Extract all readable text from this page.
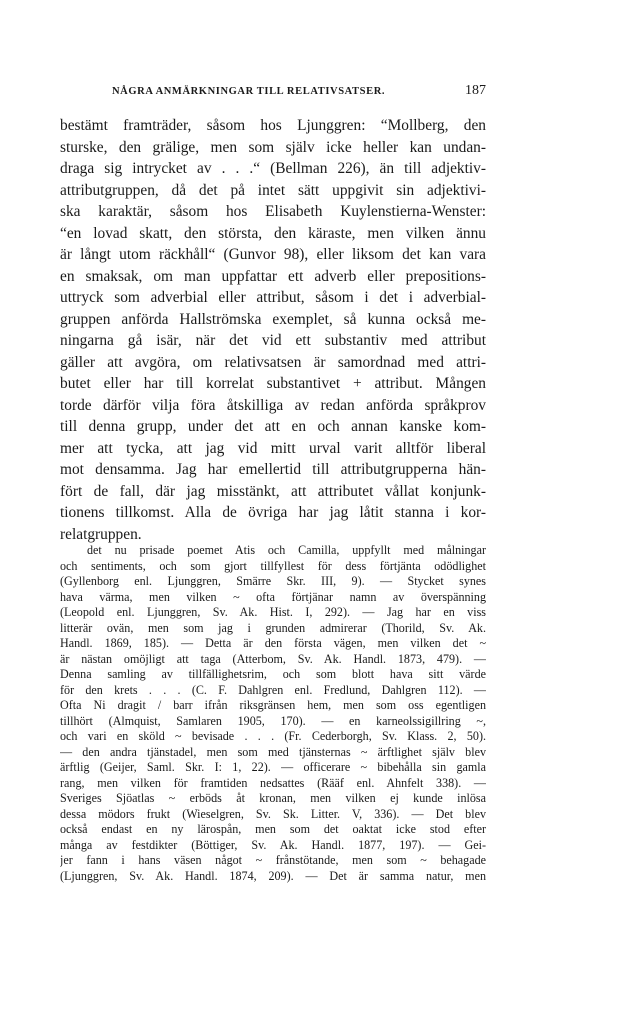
NÅGRA ANMÄRKNINGAR TILL RELATIVSATSER.	187
bestämt framträder, såsom hos Ljunggren: “Mollberg, den
sturske, den grälige, men som själv icke heller kan undan-
draga sig intrycket av . . .“ (Bellman 226), än till adjektiv-
attributgruppen, då det på intet sätt uppgivit sin adjektivi-
ska karaktär, såsom hos Elisabeth Kuylenstierna-Wenster:
“en lovad skatt, den största, den käraste, men vilken ännu
är långt utom räckhåll“ (Gunvor 98), eller liksom det kan vara
en smaksak, om man uppfattar ett adverb eller prepositions-
uttryck som adverbial eller attribut, såsom i det i adverbial-
gruppen anförda Hallströmska exemplet, så kunna också me-
ningarna gå isär, när det vid ett substantiv med attribut
gäller att avgöra, om relativsatsen är samordnad med attri-
butet eller har till korrelat substantivet + attribut. Mången
torde därför vilja föra åtskilliga av redan anförda språkprov
till denna grupp, under det att en och annan kanske kom-
mer att tycka, att jag vid mitt urval varit alltför liberal
mot densamma. Jag har emellertid till attributgrupperna hän-
fört de fall, där jag misstänkt, att attributet vållat konjunk-
tionens tillkomst. Alla de övriga har jag låtit stanna i kor-
relatgruppen.
det nu prisade poemet Atis och Camilla, uppfyllt med målningar
och sentiments, och som gjort tillfyllest för dess förtjänta odödlighet
(Gyllenborg enl. Ljunggren, Smärre Skr. III, 9). — Stycket synes
hava värma, men vilken ~ ofta förtjänar namn av överspänning
(Leopold enl. Ljunggren, Sv. Ak. Hist. I, 292). — Jag har en viss
litterär ovän, men som jag i grunden admirerar (Thorild, Sv. Ak.
Handl. 1869, 185). — Detta är den första vägen, men vilken det ~
är nästan omöjligt att taga (Atterbom, Sv. Ak. Handl. 1873, 479). —
Denna samling av tillfällighetsrim, och som blott hava sitt värde
för den krets . . . (C. F. Dahlgren enl. Fredlund, Dahlgren 112). —
Ofta Ni dragit / barr ifrån riksgränsen hem, men som oss egentligen
tillhört (Almquist, Samlaren 1905, 170). — en karneolssigillring ~,
och vari en sköld ~ bevisade . . . (Fr. Cederborgh, Sv. Klass. 2, 50).
— den andra tjänstadel, men som med tjänsternas ~ ärftlighet själv blev
ärftlig (Geijer, Saml. Skr. I: 1, 22). — officerare ~ bibehålla sin gamla
rang, men vilken för framtiden nedsattes (Rääf enl. Ahnfelt 338). —
Sveriges Sjöatlas ~ erböds åt kronan, men vilken ej kunde inlösa
dessa mödors frukt (Wieselgren, Sv. Sk. Litter. V, 336). — Det blev
också endast en ny lärospån, men som det oaktat icke stod efter
många av festdikter (Böttiger, Sv. Ak. Handl. 1877, 197). — Gei-
jer fann i hans väsen något ~ frånstötande, men som ~ behagade
(Ljunggren, Sv. Ak. Handl. 1874, 209). — Det är samma natur, men
